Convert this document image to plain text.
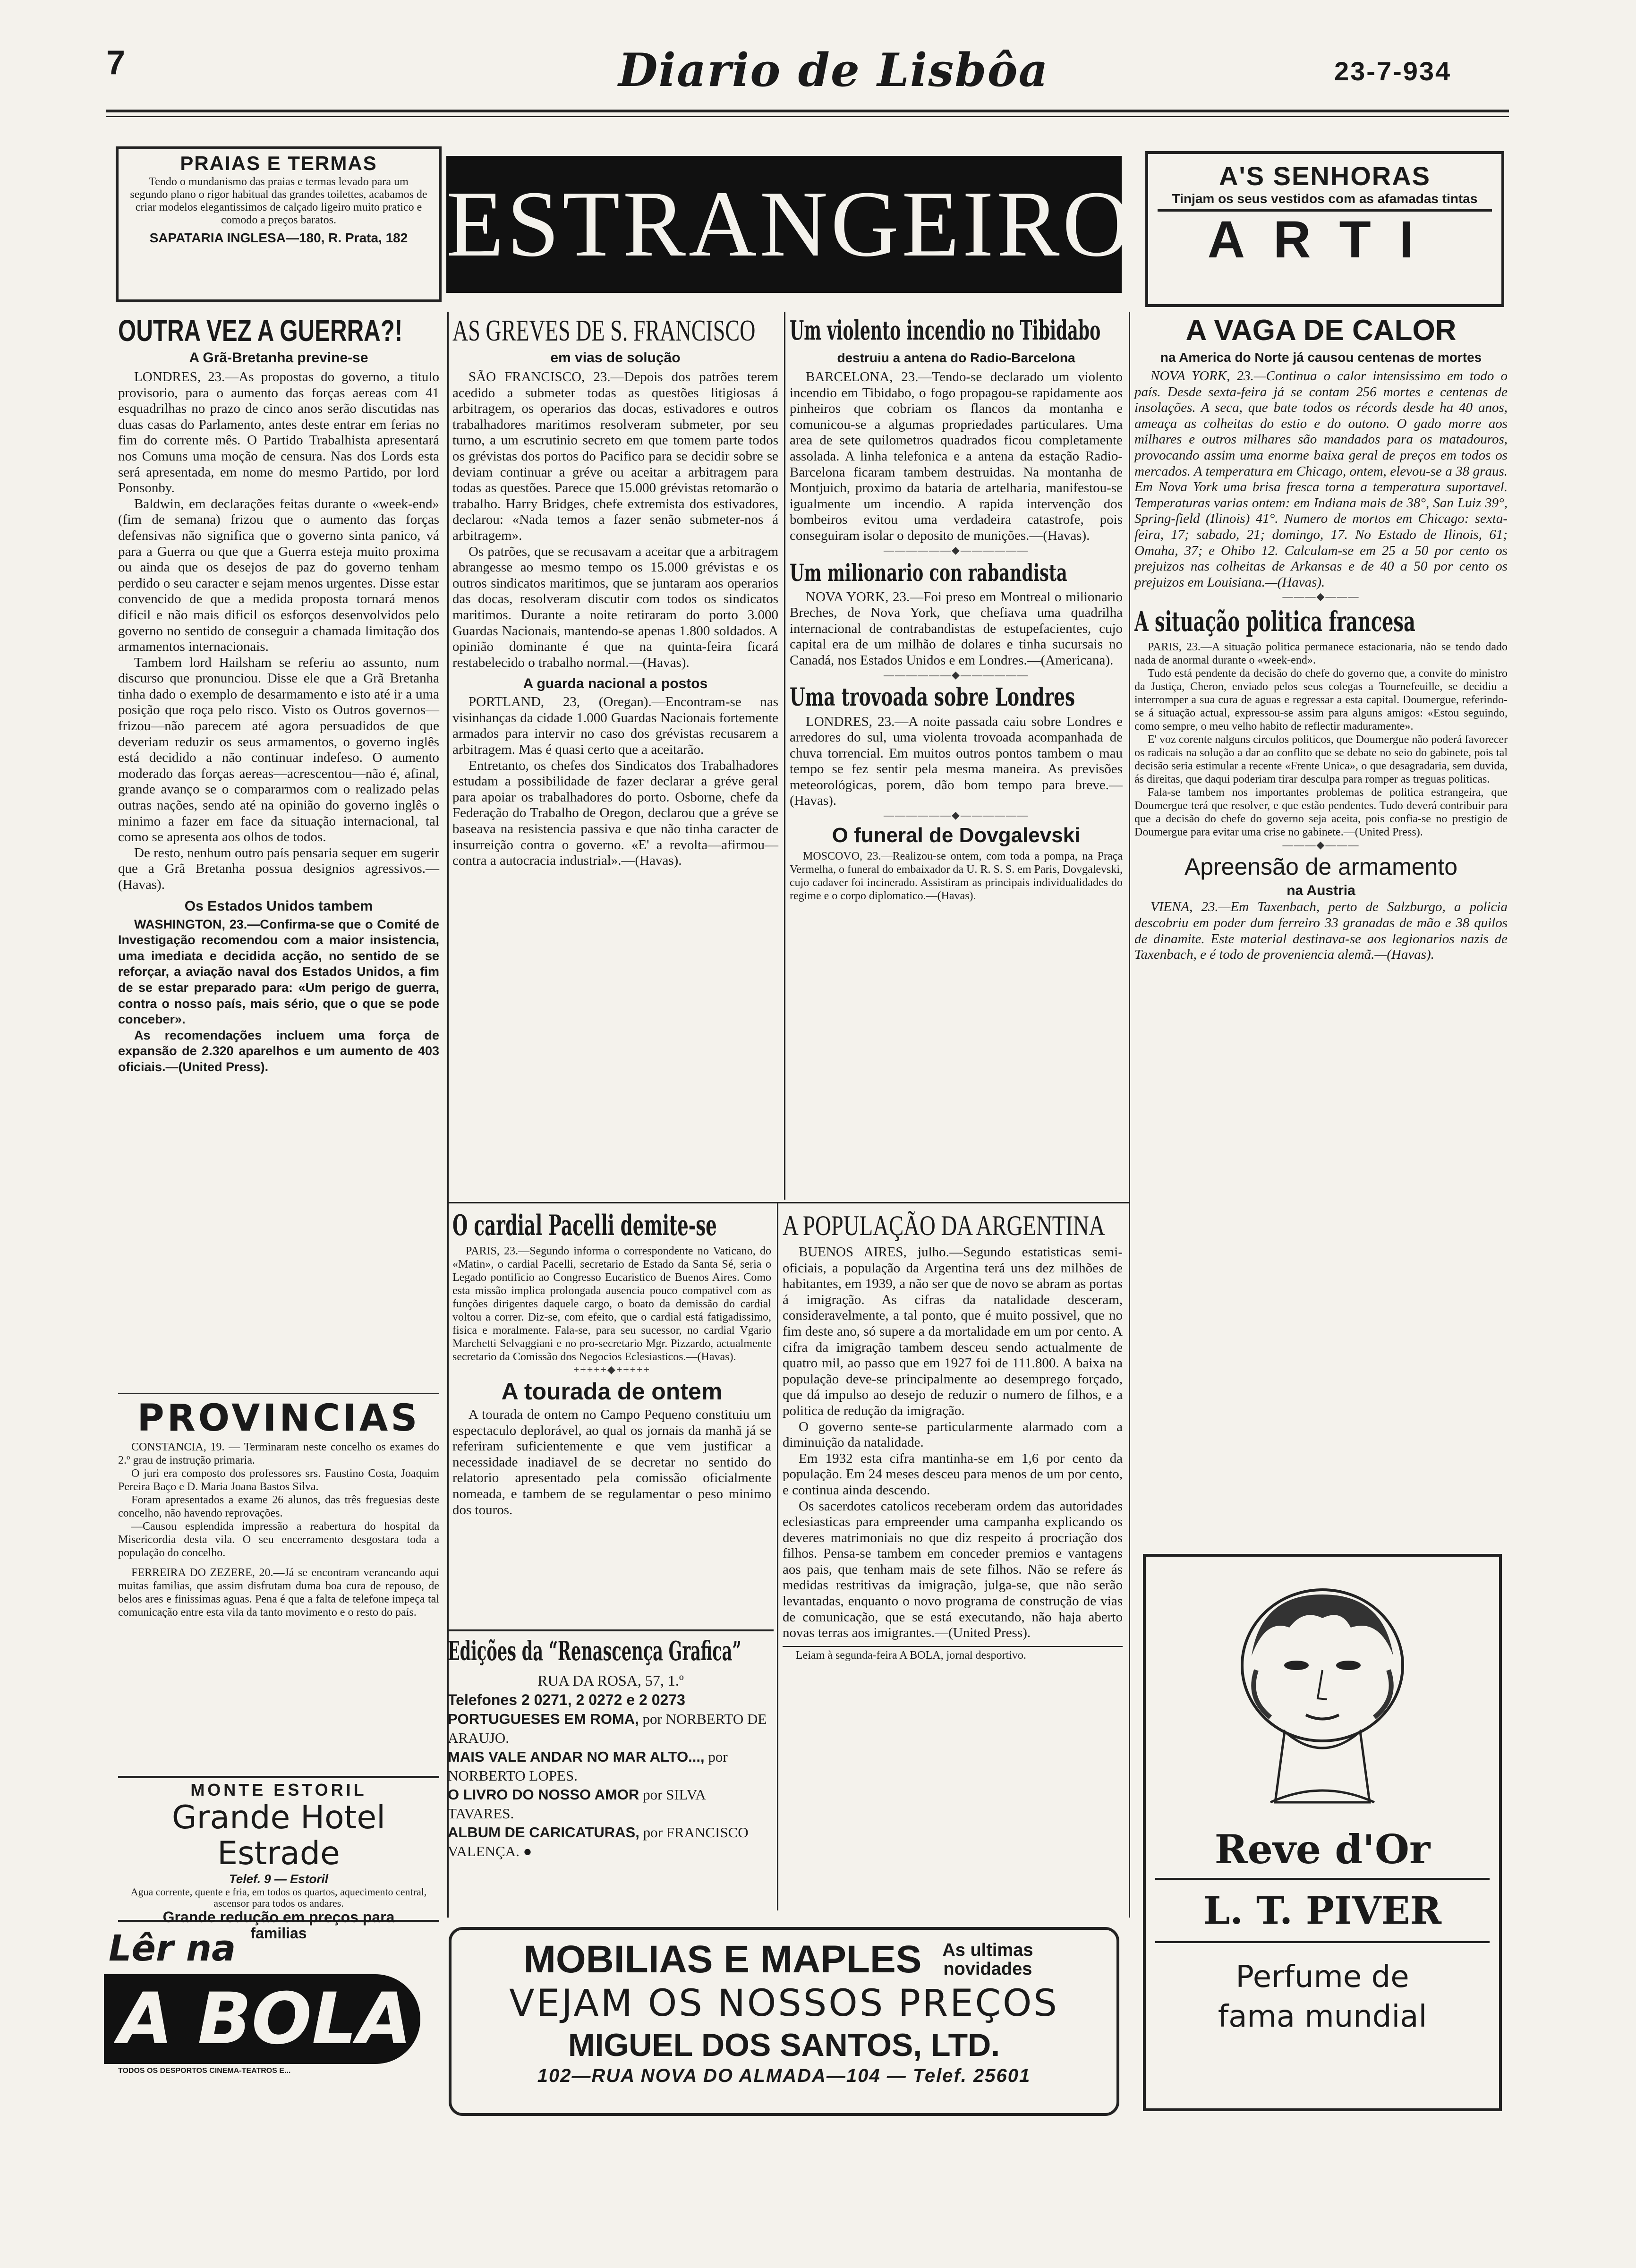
7	Diario de Lisbôa	23-7-934
PRAIAS E TERMAS
Tendo o mundanismo das praias e termas levado para um segundo plano o rigor habitual das grandes toilettes, acabamos de criar modelos elegantissimos de calçado ligeiro muito pratico e comodo a preços baratos.
SAPATARIA INGLESA—180, R. Prata, 182 ESTRANGEIRO	A'S SENHORAS
Tinjam os seus vestidos com as afamadas tintas
ARTI
OUTRA VEZ A GUERRA?!
A Grã-Bretanha previne-se

LONDRES, 23.—As propostas do governo, a titulo provisorio, para o aumento das forças aereas com 41 esquadrilhas no prazo de cinco anos serão discutidas nas duas casas do Parlamento, antes deste entrar em ferias no fim do corrente mês. O Partido Trabalhista apresentará nos Comuns uma moção de censura. Nas dos Lords esta será apresentada, em nome do mesmo Partido, por lord Ponsonby.

Baldwin, em declarações feitas durante o «week-end» (fim de semana) frizou que o aumento das forças defensivas não significa que o governo sinta panico, vá para a Guerra ou que que a Guerra esteja muito proxima ou ainda que os desejos de paz do governo tenham perdido o seu caracter e sejam menos urgentes. Disse estar convencido de que a medida proposta tornará menos dificil e não mais dificil os esforços desenvolvidos pelo governo no sentido de conseguir a chamada limitação dos armamentos internacionais.

Tambem lord Hailsham se referiu ao assunto, num discurso que pronunciou. Disse ele que a Grã Bretanha tinha dado o exemplo de desarmamento e isto até ir a uma posição que roça pelo risco. Visto os Outros governos—frizou—não parecem até agora persuadidos de que deveriam reduzir os seus armamentos, o governo inglês está decidido a não continuar indefeso. O aumento moderado das forças aereas—acrescentou—não é, afinal, grande avanço se o compararmos com o realizado pelas outras nações, sendo até na opinião do governo inglês o minimo a fazer em face da situação internacional, tal como se apresenta aos olhos de todos.

De resto, nenhum outro país pensaria sequer em sugerir que a Grã Bretanha possua designios agressivos.—(Havas).

Os Estados Unidos tambem

WASHINGTON, 23.—Confirma-se que o Comité de Investigação recomendou com a maior insistencia, uma imediata e decidida acção, no sentido de se reforçar, a aviação naval dos Estados Unidos, a fim de se estar preparado para: «Um perigo de guerra, contra o nosso país, mais sério, que o que se pode conceber».

As recomendações incluem uma força de expansão de 2.320 aparelhos e um aumento de 403 oficiais.—(United Press).

PROVINCIAS

CONSTANCIA, 19. — Terminaram neste concelho os exames do 2.º grau de instrução primaria.

O juri era composto dos professores srs. Faustino Costa, Joaquim Pereira Baço e D. Maria Joana Bastos Silva.

Foram apresentados a exame 26 alunos, das três freguesias deste concelho, não havendo reprovações.

—Causou esplendida impressão a reabertura do hospital da Misericordia desta vila. O seu encerramento desgostara toda a população do concelho.

FERREIRA DO ZEZERE, 20.—Já se encontram veraneando aqui muitas familias, que assim disfrutam duma boa cura de repouso, de belos ares e finissimas aguas. Pena é que a falta de telefone impeça tal comunicação entre esta vila da tanto movimento e o resto do país.

MONTE ESTORIL
Grande Hotel Estrade
Telef. 9 — Estoril
Agua corrente, quente e fria, em todos os quartos, aquecimento central, ascensor para todos os andares.
Grande redução em preços para familias
Lêr na
A BOLA
TODOS OS DESPORTOS CINEMA-TEATROS E...
AS GREVES DE S. FRANCISCO
em vias de solução

SÃO FRANCISCO, 23.—Depois dos patrões terem acedido a submeter todas as questões litigiosas á arbitragem, os operarios das docas, estivadores e outros trabalhadores maritimos resolveram submeter, por seu turno, a um escrutinio secreto em que tomem parte todos os grévistas dos portos do Pacifico para se decidir sobre se deviam continuar a gréve ou aceitar a arbitragem para todas as questões. Parece que 15.000 grévistas retomarão o trabalho. Harry Bridges, chefe extremista dos estivadores, declarou: «Nada temos a fazer senão submeter-nos á arbitragem».

Os patrões, que se recusavam a aceitar que a arbitragem abrangesse ao mesmo tempo os 15.000 grévistas e os outros sindicatos maritimos, que se juntaram aos operarios das docas, resolveram discutir com todos os sindicatos maritimos. Durante a noite retiraram do porto 3.000 Guardas Nacionais, mantendo-se apenas 1.800 soldados. A opinião dominante é que na quinta-feira ficará restabelecido o trabalho normal.—(Havas).

A guarda nacional a postos

PORTLAND, 23, (Oregan).—Encontram-se nas visinhanças da cidade 1.000 Guardas Nacionais fortemente armados para intervir no caso dos grévistas recusarem a arbitragem. Mas é quasi certo que a aceitarão.

Entretanto, os chefes dos Sindicatos dos Trabalhadores estudam a possibilidade de fazer declarar a gréve geral para apoiar os trabalhadores do porto. Osborne, chefe da Federação do Trabalho de Oregon, declarou que a gréve se baseava na resistencia passiva e que não tinha caracter de insurreição contra o governo. «E' a revolta—afirmou—contra a autocracia industrial».—(Havas).

Um violento incendio no Tibidabo
destruiu a antena do Radio-Barcelona

BARCELONA, 23.—Tendo-se declarado um violento incendio em Tibidabo, o fogo propagou-se rapidamente aos pinheiros que cobriam os flancos da montanha e comunicou-se a algumas propriedades particulares. Uma area de sete quilometros quadrados ficou completamente assolada. A linha telefonica e a antena da estação Radio-Barcelona ficaram tambem destruidas. Na montanha de Montjuich, proximo da bataria de artelharia, manifestou-se igualmente um incendio. A rapida intervenção dos bombeiros evitou uma verdadeira catastrofe, pois conseguiram isolar o deposito de munições.—(Havas).

——————◆——————
Um milionario con rabandista

NOVA YORK, 23.—Foi preso em Montreal o milionario Breches, de Nova York, que chefiava uma quadrilha internacional de contrabandistas de estupefacientes, cujo capital era de um milhão de dolares e tinha sucursais no Canadá, nos Estados Unidos e em Londres.—(Americana).

——————◆——————
Uma trovoada sobre Londres

LONDRES, 23.—A noite passada caiu sobre Londres e arredores do sul, uma violenta trovoada acompanhada de chuva torrencial. Em muitos outros pontos tambem o mau tempo se fez sentir pela mesma maneira. As previsões meteorológicas, porem, dão bom tempo para breve.—(Havas).

——————◆——————
O funeral de Dovgalevski

MOSCOVO, 23.—Realizou-se ontem, com toda a pompa, na Praça Vermelha, o funeral do embaixador da U. R. S. S. em Paris, Dovgalevski, cujo cadaver foi incinerado. Assistiram as principais individualidades do regime e o corpo diplomatico.—(Havas).

O cardial Pacelli demite-se

PARIS, 23.—Segundo informa o correspondente no Vaticano, do «Matin», o cardial Pacelli, secretario de Estado da Santa Sé, seria o Legado pontificio ao Congresso Eucaristico de Buenos Aires. Como esta missão implica prolongada ausencia pouco compativel com as funções dirigentes daquele cargo, o boato da demissão do cardial voltou a correr. Diz-se, com efeito, que o cardial está fatigadissimo, fisica e moralmente. Fala-se, para seu sucessor, no cardial Vgario Marchetti Selvaggiani e no pro-secretario Mgr. Pizzardo, actualmente secretario da Comissão dos Negocios Eclesiasticos.—(Havas).

+++++◆+++++
A tourada de ontem

A tourada de ontem no Campo Pequeno constituiu um espectaculo deplorável, ao qual os jornais da manhã já se referiram suficientemente e que vem justificar a necessidade inadiavel de se decretar no sentido do relatorio apresentado pela comissão oficialmente nomeada, e tambem de se regulamentar o peso minimo dos touros.

Edições da “Renascença Grafica”
RUA DA ROSA, 57, 1.º
Telefones 2 0271, 2 0272 e 2 0273
PORTUGUESES EM ROMA, por NORBERTO DE ARAUJO.
MAIS VALE ANDAR NO MAR ALTO..., por NORBERTO LOPES.
O LIVRO DO NOSSO AMOR por SILVA TAVARES.
ALBUM DE CARICATURAS, por FRANCISCO VALENÇA. ●
A POPULAÇÃO DA ARGENTINA

BUENOS AIRES, julho.—Segundo estatisticas semi-oficiais, a população da Argentina terá uns dez milhões de habitantes, em 1939, a não ser que de novo se abram as portas á imigração. As cifras da natalidade desceram, consideravelmente, a tal ponto, que é muito possivel, que no fim deste ano, só supere a da mortalidade em um por cento. A cifra da imigração tambem desceu sendo actualmente de quatro mil, ao passo que em 1927 foi de 111.800. A baixa na população deve-se principalmente ao desemprego forçado, que dá impulso ao desejo de reduzir o numero de filhos, e a politica de redução da imigração.

O governo sente-se particularmente alarmado com a diminuição da natalidade.

Em 1932 esta cifra mantinha-se em 1,6 por cento da população. Em 24 meses desceu para menos de um por cento, e continua ainda descendo.

Os sacerdotes catolicos receberam ordem das autoridades eclesiasticas para empreender uma campanha explicando os deveres matrimoniais no que diz respeito á procriação dos filhos. Pensa-se tambem em conceder premios e vantagens aos pais, que tenham mais de sete filhos. Não se refere ás medidas restritivas da imigração, julga-se, que não serão levantadas, enquanto o novo programa de construção de vias de comunicação, que se está executando, não haja aberto novas terras aos imigrantes.—(United Press).

Leiam à segunda-feira A BOLA, jornal desportivo.

A VAGA DE CALOR
na America do Norte já causou centenas de mortes

NOVA YORK, 23.—Continua o calor intensissimo em todo o país. Desde sexta-feira já se contam 256 mortes e centenas de insolações. A seca, que bate todos os récords desde ha 40 anos, ameaça as colheitas do estio e do outono. O gado morre aos milhares e outros milhares são mandados para os matadouros, provocando assim uma enorme baixa geral de preços em todos os mercados. A temperatura em Chicago, ontem, elevou-se a 38 graus. Em Nova York uma brisa fresca torna a temperatura suportavel. Temperaturas varias ontem: em Indiana mais de 38°, San Luiz 39°, Spring-field (Ilinois) 41°. Numero de mortos em Chicago: sexta-feira, 17; sabado, 21; domingo, 17. No Estado de Ilinois, 61; Omaha, 37; e Ohibo 12. Calculam-se em 25 a 50 por cento os prejuizos nas colheitas de Arkansas e de 40 a 50 por cento os prejuizos em Louisiana.—(Havas).

———◆———
A situação politica francesa

PARIS, 23.—A situação politica permanece estacionaria, não se tendo dado nada de anormal durante o «week-end».

Tudo está pendente da decisão do chefe do governo que, a convite do ministro da Justiça, Cheron, enviado pelos seus colegas a Tournefeuille, se decidiu a interromper a sua cura de aguas e regressar a esta capital. Doumergue, referindo-se á situação actual, expressou-se assim para alguns amigos: «Estou seguindo, como sempre, o meu velho habito de reflectir maduramente».

E' voz corente nalguns circulos politicos, que Doumergue não poderá favorecer os radicais na solução a dar ao conflito que se debate no seio do gabinete, pois tal decisão seria estimular a recente «Frente Unica», o que desagradaria, sem duvida, ás direitas, que daqui poderiam tirar desculpa para romper as treguas politicas.

Fala-se tambem nos importantes problemas de politica estrangeira, que Doumergue terá que resolver, e que estão pendentes. Tudo deverá contribuir para que a decisão do chefe do governo seja aceita, pois confia-se no prestigio de Doumergue para evitar uma crise no gabinete.—(United Press).

———◆———
Apreensão de armamento
na Austria

VIENA, 23.—Em Taxenbach, perto de Salzburgo, a policia descobriu em poder dum ferreiro 33 granadas de mão e 38 quilos de dinamite. Este material destinava-se aos legionarios nazis de Taxenbach, e é todo de proveniencia alemã.—(Havas).

Reve d'Or
L. T. PIVER
Perfume de
fama mundial
MOBILIAS E MAPLES	As ultimas novidades
VEJAM OS NOSSOS PREÇOS
MIGUEL DOS SANTOS, LTD.
102—RUA NOVA DO ALMADA—104 — Telef. 25601
